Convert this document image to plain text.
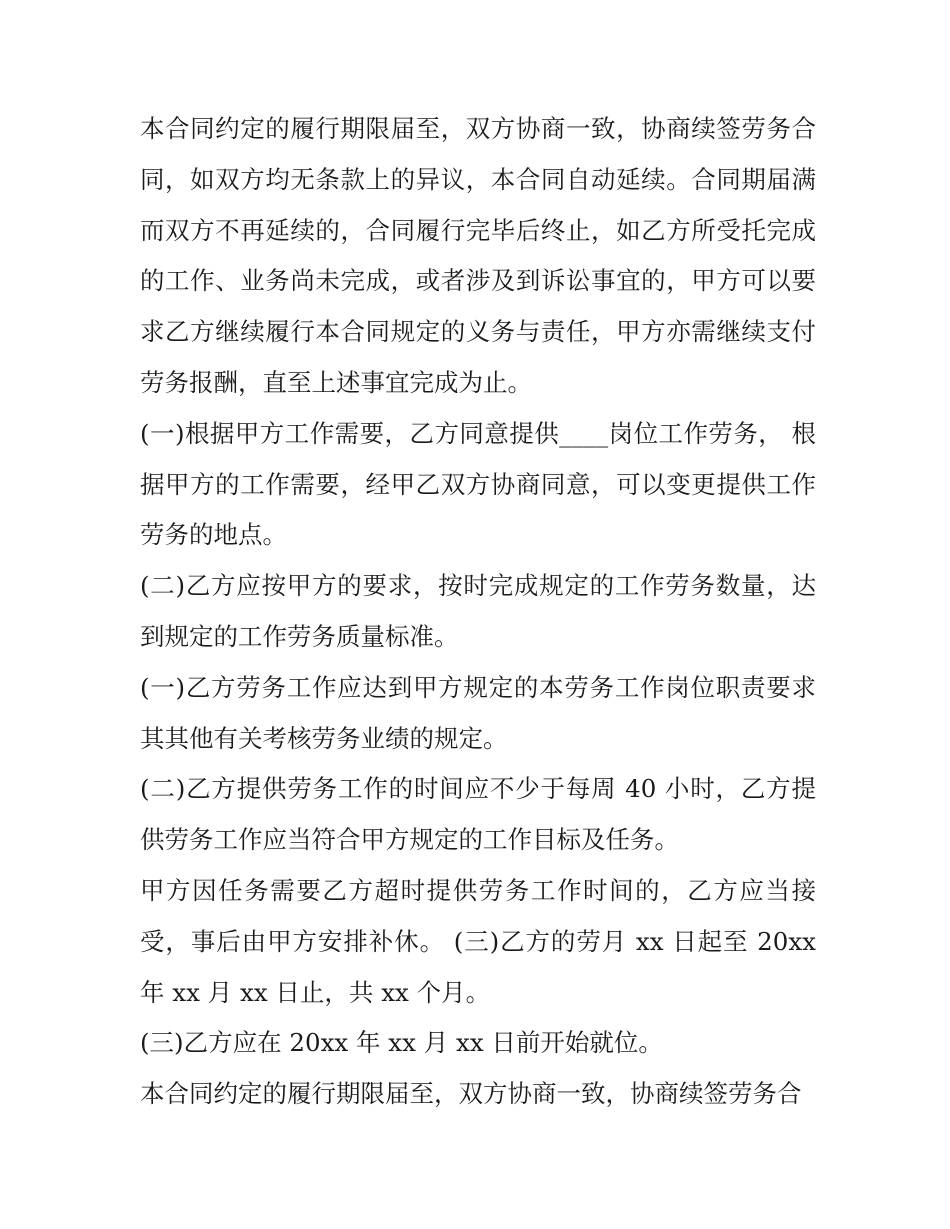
本合同约定的履行期限届至，双方协商一致，协商续签劳务合同，如双方均无条款上的异议，本合同自动延续。合同期届满而双方不再延续的，合同履行完毕后终止，如乙方所受托完成的工作、业务尚未完成，或者涉及到诉讼事宜的，甲方可以要求乙方继续履行本合同规定的义务与责任，甲方亦需继续支付劳务报酬，直至上述事宜完成为止。

(一)根据甲方工作需要，乙方同意提供____岗位工作劳务， 根据甲方的工作需要，经甲乙双方协商同意，可以变更提供工作劳务的地点。

(二)乙方应按甲方的要求，按时完成规定的工作劳务数量，达到规定的工作劳务质量标准。

(一)乙方劳务工作应达到甲方规定的本劳务工作岗位职责要求其其他有关考核劳务业绩的规定。

(二)乙方提供劳务工作的时间应不少于每周 40 小时，乙方提供劳务工作应当符合甲方规定的工作目标及任务。

甲方因任务需要乙方超时提供劳务工作时间的，乙方应当接受，事后由甲方安排补休。 (三)乙方的劳月 xx 日起至 20xx 年 xx 月 xx 日止，共 xx 个月。

(三)乙方应在 20xx 年 xx 月 xx 日前开始就位。

本合同约定的履行期限届至，双方协商一致，协商续签劳务合
